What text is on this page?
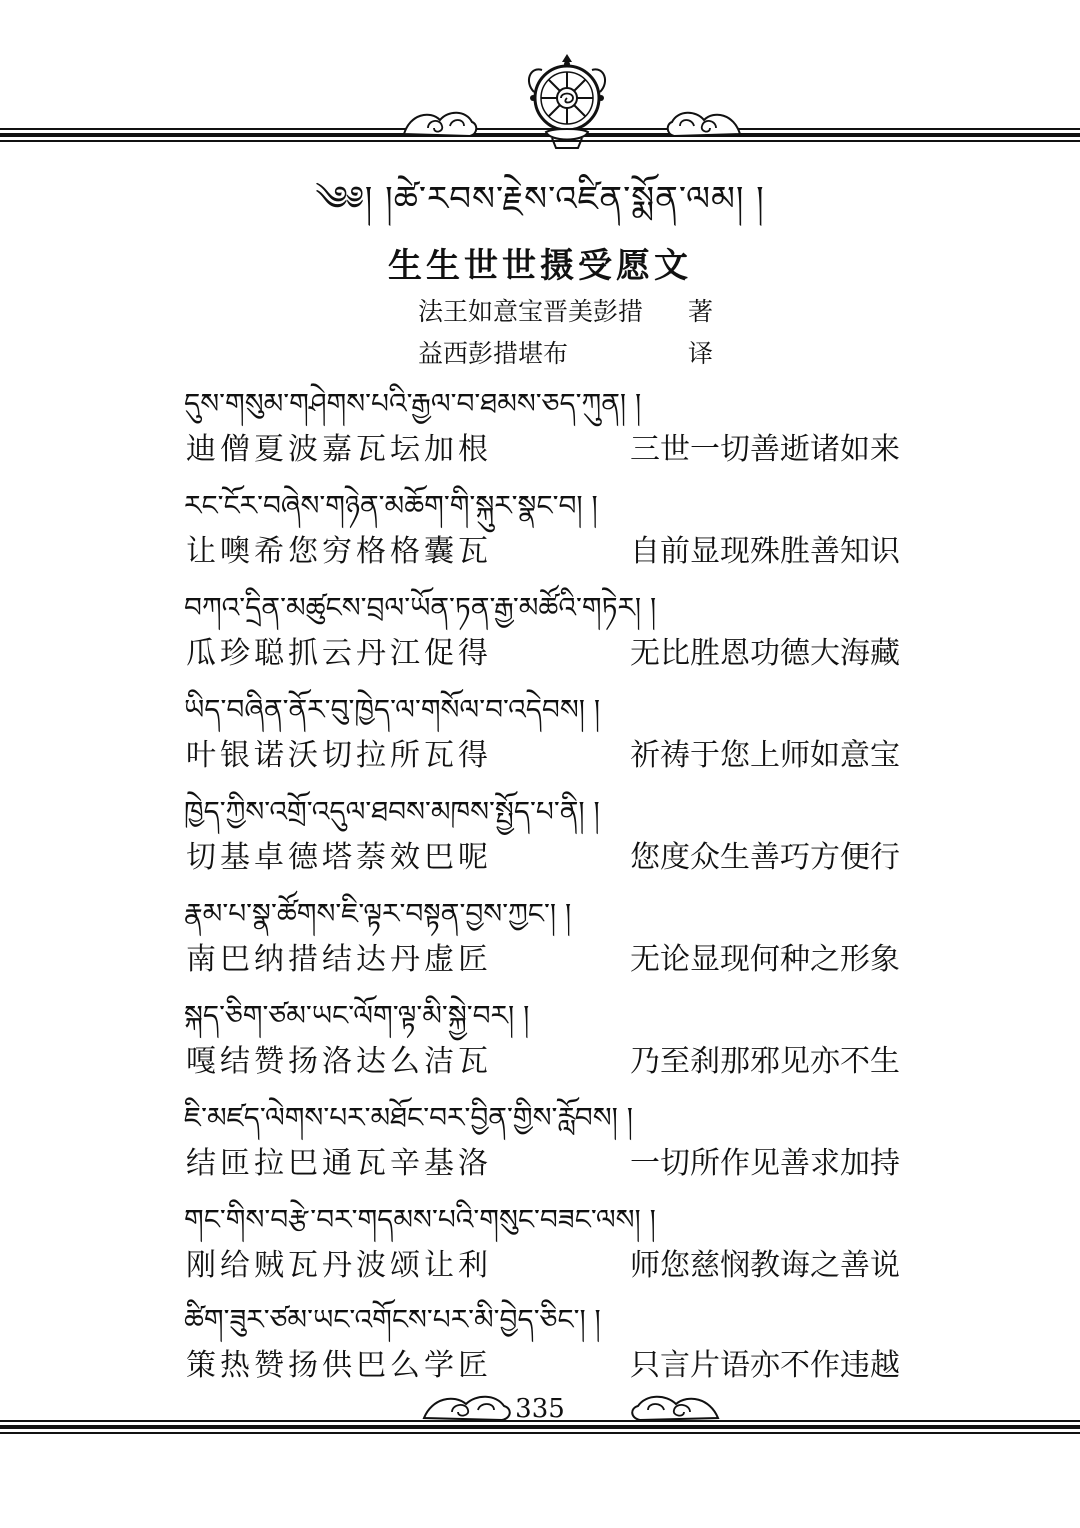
༄༅། །ཚེ་རབས་རྗེས་འཛིན་སྨོན་ལམ། །
生生世世摄受愿文
法王如意宝晋美彭措 著
益西彭措堪布	译
དུས་གསུམ་གཤེགས་པའི་རྒྱལ་བ་ཐམས་ཅད་ཀུན། །
迪僧夏波嘉瓦坛加根	三世一切善逝诸如来
རང་ངོར་བཞེས་གཉེན་མཆོག་གི་སྐུར་སྣང་བ། །
让噢希您穷格格囊瓦	自前显现殊胜善知识
བཀའ་དྲིན་མཚུངས་བྲལ་ཡོན་ཏན་རྒྱ་མཚོའི་གཏེར། །
瓜珍聪抓云丹江促得	无比胜恩功德大海藏
ཡིད་བཞིན་ནོར་བུ་ཁྱེད་ལ་གསོལ་བ་འདེབས། །
叶银诺沃切拉所瓦得	祈祷于您上师如意宝
ཁྱེད་ཀྱིས་འགྲོ་འདུལ་ཐབས་མཁས་སྤྱོད་པ་ནི། །
切基卓德塔萘效巴呢	您度众生善巧方便行
རྣམ་པ་སྣ་ཚོགས་ཇི་ལྟར་བསྟན་བྱས་ཀྱང་། །
南巴纳措结达丹虚匠	无论显现何种之形象
སྐད་ཅིག་ཙམ་ཡང་ལོག་ལྟ་མི་སྐྱེ་བར། །
嘎结赞扬洛达么洁瓦	乃至刹那邪见亦不生
ཇི་མཛད་ལེགས་པར་མཐོང་བར་བྱིན་གྱིས་རློབས། །
结匝拉巴通瓦辛基洛	一切所作见善求加持
གང་གིས་བརྩེ་བར་གདམས་པའི་གསུང་བཟང་ལས། །
刚给贼瓦丹波颂让利	师您慈悯教诲之善说
ཚིག་ཟུར་ཙམ་ཡང་འགོངས་པར་མི་བྱེད་ཅིང་། །
策热赞扬供巴么学匠	只言片语亦不作违越
335
